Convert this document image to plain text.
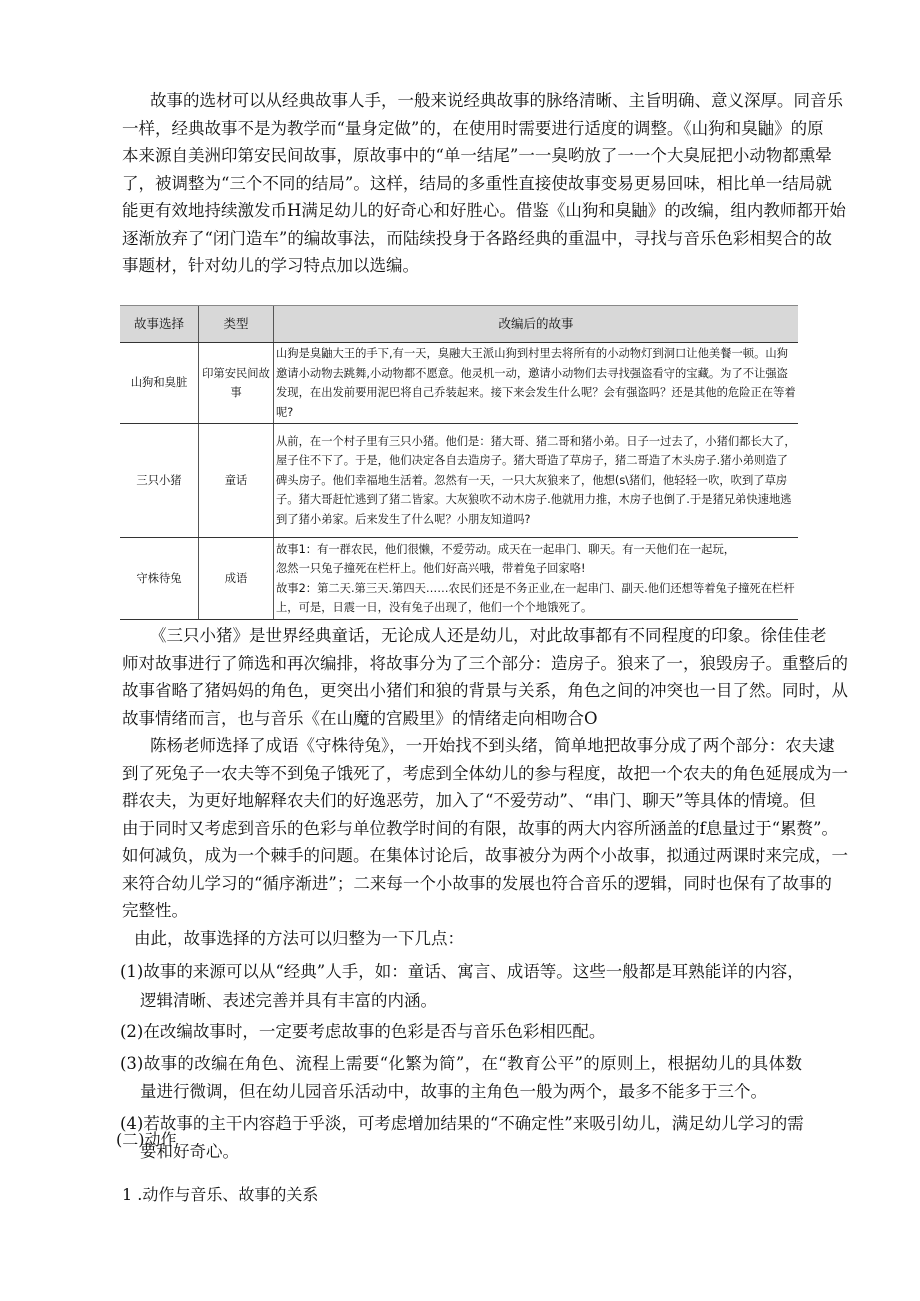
故事的选材可以从经典故事人手，一般来说经典故事的脉络清晰、主旨明确、意义深厚。同音乐
一样，经典故事不是为教学而“量身定做”的，在使用时需要进行适度的调整。《山狗和臭鼬》的原
本来源自美洲印第安民间故事，原故事中的“单一结尾”一一臭哟放了一一个大臭屁把小动物都熏晕
了，被调整为“三个不同的结局”。这样，结局的多重性直接使故事变易更易回味，相比单一结局就
能更有效地持续激发币H满足幼儿的好奇心和好胜心。借鉴《山狗和臭鼬》的改编，组内教师都开始
逐渐放弃了“闭门造车”的编故事法，而陆续投身于各路经典的重温中，寻找与音乐色彩相契合的故
事题材，针对幼儿的学习特点加以选编。
故事选择	类型	改编后的故事
山狗和臭脏	印第安民间故事	山狗是臭鼬大王的手下,有一天，臭融大王派山狗到村里去将所有的小动物灯到洞口让他美餐一顿。山狗邀请小动物去跳舞,小动物都不愿意。他灵机一动，邀请小动物们去寻找强盗看守的宝藏。为了不让强盗发现，在出发前要用泥巴将自己乔装起来。接下来会发生什么呢？会有强盗吗？还是其他的危险正在等着呢?
三只小猪	童话	从前，在一个村子里有三只小猪。他们是：猪大哥、猪二哥和猪小弟。日子一过去了，小猪们都长大了，屋子住不下了。于是，他们决定各自去造房子。猪大哥造了草房子，猪二哥造了木头房子.猪小弟则造了碑头房子。他们幸福地生活着。忽然有一天，一只大灰狼来了，他想(s\猪们，他轻轻一吹，吹到了草房子。猪大哥赶忙逃到了猪二皆家。大灰狼吹不动木房子.他就用力推，木房子也倒了.于是猪兄弟快速地逃到了猪小弟家。后来发生了什么呢？小朋友知道吗?
守株待兔	成语	故事1：有一群农民，他们很懒，不爱劳动。成天在一起串门、聊天。有一天他们在一起玩，
忽然一只兔子撞死在栏杆上。他们好高兴哦，带着兔子回家咯!
故事2：第二天.第三天.第四天……农民们还是不务正业,在一起串门、副天.他们还想等着兔子撞死在栏杆上，可是，日震一日，没有兔子出现了，他们一个个地饿死了。
《三只小猪》是世界经典童话，无论成人还是幼儿，对此故事都有不同程度的印象。徐佳佳老
师对故事进行了筛选和再次编排，将故事分为了三个部分：造房子。狼来了一，狼毁房子。重整后的
故事省略了猪妈妈的角色，更突出小猪们和狼的背景与关系，角色之间的冲突也一目了然。同时，从
故事情绪而言，也与音乐《在山魔的宫殿里》的情绪走向相吻合O
陈杨老师选择了成语《守株待兔》，一开始找不到头绪，简单地把故事分成了两个部分：农夫逮
到了死兔子一农夫等不到兔子饿死了，考虑到全体幼儿的参与程度，故把一个农夫的角色延展成为一
群农夫，为更好地解释农夫们的好逸恶劳，加入了“不爱劳动”、“串门、聊天”等具体的情境。但
由于同时又考虑到音乐的色彩与单位教学时间的有限，故事的两大内容所涵盖的f息量过于“累赘”。
如何减负，成为一个棘手的问题。在集体讨论后，故事被分为两个小故事，拟通过两课时来完成，一
来符合幼儿学习的“循序渐进”；二来每一个小故事的发展也符合音乐的逻辑，同时也保有了故事的
完整性。
由此，故事选择的方法可以归整为一下几点：
(1)故事的来源可以从“经典”人手，如：童话、寓言、成语等。这些一般都是耳熟能详的内容，
逻辑清晰、表述完善并具有丰富的内涵。
(2)在改编故事时，一定要考虑故事的色彩是否与音乐色彩相匹配。
(3)故事的改编在角色、流程上需要“化繁为简”，在“教育公平”的原则上，根据幼儿的具体数
量进行微调，但在幼儿园音乐活动中，故事的主角色一般为两个，最多不能多于三个。
(4)若故事的主干内容趋于乎淡，可考虑增加结果的“不确定性”来吸引幼儿，满足幼儿学习的需
要和好奇心。
(二)动作
1 .动作与音乐、故事的关系
